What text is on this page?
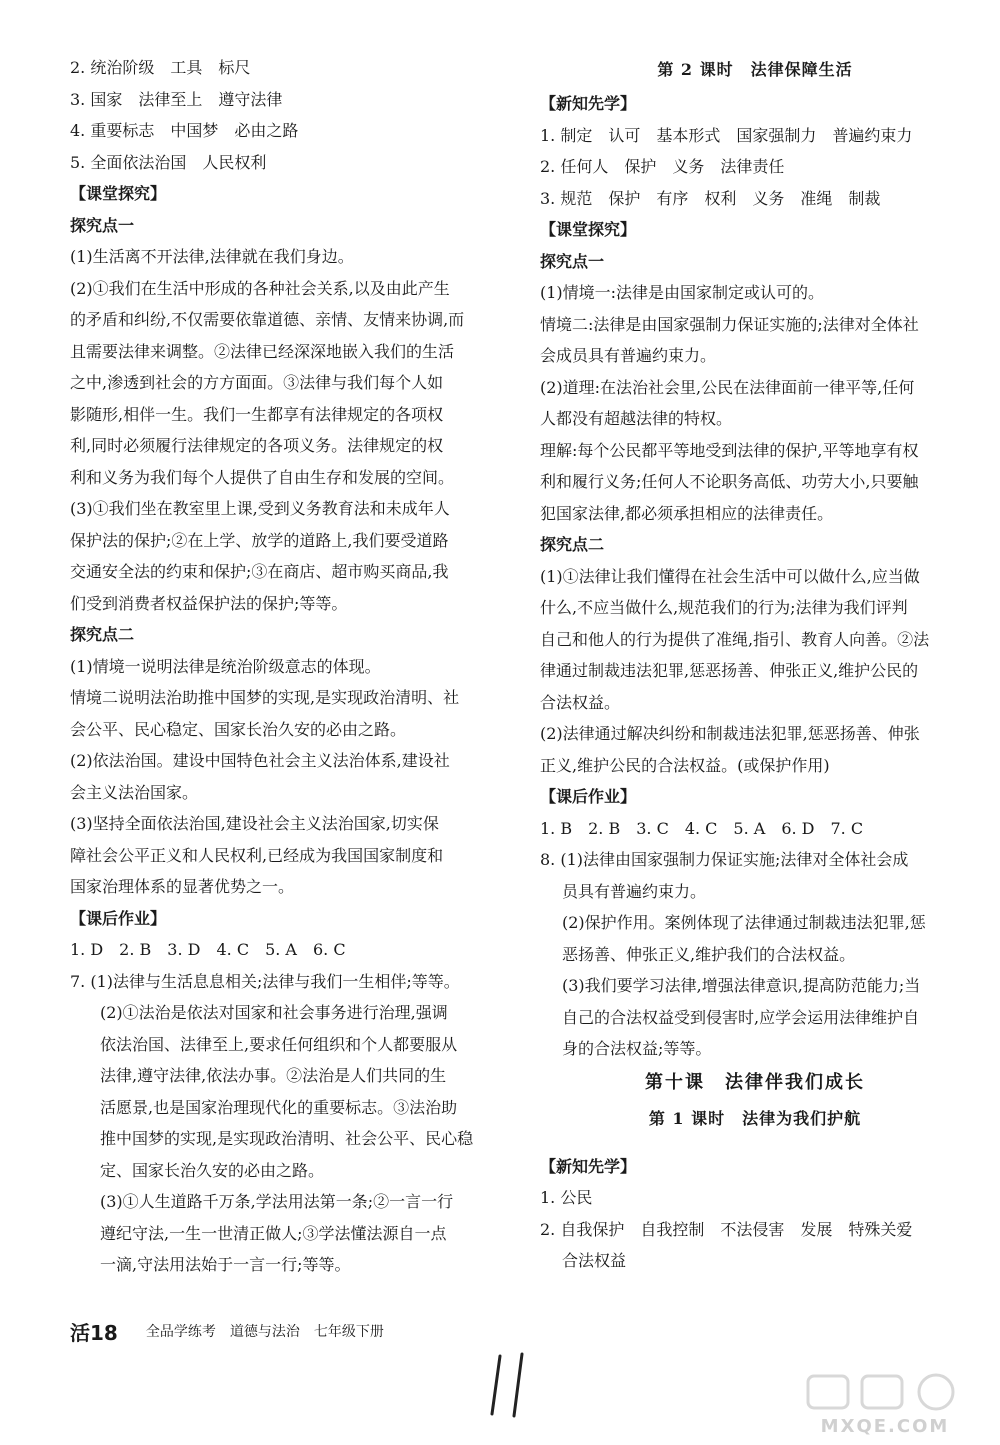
2. 统治阶级　工具　标尺
3. 国家　法律至上　遵守法律
4. 重要标志　中国梦　必由之路
5. 全面依法治国　人民权利
【课堂探究】
探究点一
(1)生活离不开法律,法律就在我们身边。
(2)①我们在生活中形成的各种社会关系,以及由此产生
的矛盾和纠纷,不仅需要依靠道德、亲情、友情来协调,而
且需要法律来调整。②法律已经深深地嵌入我们的生活
之中,渗透到社会的方方面面。③法律与我们每个人如
影随形,相伴一生。我们一生都享有法律规定的各项权
利,同时必须履行法律规定的各项义务。法律规定的权
利和义务为我们每个人提供了自由生存和发展的空间。
(3)①我们坐在教室里上课,受到义务教育法和未成年人
保护法的保护;②在上学、放学的道路上,我们要受道路
交通安全法的约束和保护;③在商店、超市购买商品,我
们受到消费者权益保护法的保护;等等。
探究点二
(1)情境一说明法律是统治阶级意志的体现。
情境二说明法治助推中国梦的实现,是实现政治清明、社
会公平、民心稳定、国家长治久安的必由之路。
(2)依法治国。建设中国特色社会主义法治体系,建设社
会主义法治国家。
(3)坚持全面依法治国,建设社会主义法治国家,切实保
障社会公平正义和人民权利,已经成为我国国家制度和
国家治理体系的显著优势之一。
【课后作业】
1. D　2. B　3. D　4. C　5. A　6. C
7. (1)法律与生活息息相关;法律与我们一生相伴;等等。
(2)①法治是依法对国家和社会事务进行治理,强调
依法治国、法律至上,要求任何组织和个人都要服从
法律,遵守法律,依法办事。②法治是人们共同的生
活愿景,也是国家治理现代化的重要标志。③法治助
推中国梦的实现,是实现政治清明、社会公平、民心稳
定、国家长治久安的必由之路。
(3)①人生道路千万条,学法用法第一条;②一言一行
遵纪守法,一生一世清正做人;③学法懂法源自一点
一滴,守法用法始于一言一行;等等。
第 2 课时　法律保障生活
【新知先学】
1. 制定　认可　基本形式　国家强制力　普遍约束力
2. 任何人　保护　义务　法律责任
3. 规范　保护　有序　权利　义务　准绳　制裁
【课堂探究】
探究点一
(1)情境一:法律是由国家制定或认可的。
情境二:法律是由国家强制力保证实施的;法律对全体社
会成员具有普遍约束力。
(2)道理:在法治社会里,公民在法律面前一律平等,任何
人都没有超越法律的特权。
理解:每个公民都平等地受到法律的保护,平等地享有权
利和履行义务;任何人不论职务高低、功劳大小,只要触
犯国家法律,都必须承担相应的法律责任。
探究点二
(1)①法律让我们懂得在社会生活中可以做什么,应当做
什么,不应当做什么,规范我们的行为;法律为我们评判
自己和他人的行为提供了准绳,指引、教育人向善。②法
律通过制裁违法犯罪,惩恶扬善、伸张正义,维护公民的
合法权益。
(2)法律通过解决纠纷和制裁违法犯罪,惩恶扬善、伸张
正义,维护公民的合法权益。(或保护作用)
【课后作业】
1. B　2. B　3. C　4. C　5. A　6. D　7. C
8. (1)法律由国家强制力保证实施;法律对全体社会成
员具有普遍约束力。
(2)保护作用。案例体现了法律通过制裁违法犯罪,惩
恶扬善、伸张正义,维护我们的合法权益。
(3)我们要学习法律,增强法律意识,提高防范能力;当
自己的合法权益受到侵害时,应学会运用法律维护自
身的合法权益;等等。
第十课　法律伴我们成长
第 1 课时　法律为我们护航
【新知先学】
1. 公民
2. 自我保护　自我控制　不法侵害　发展　特殊关爱
合法权益
活18 全品学练考 道德与法治 七年级下册
MXQE.COM
